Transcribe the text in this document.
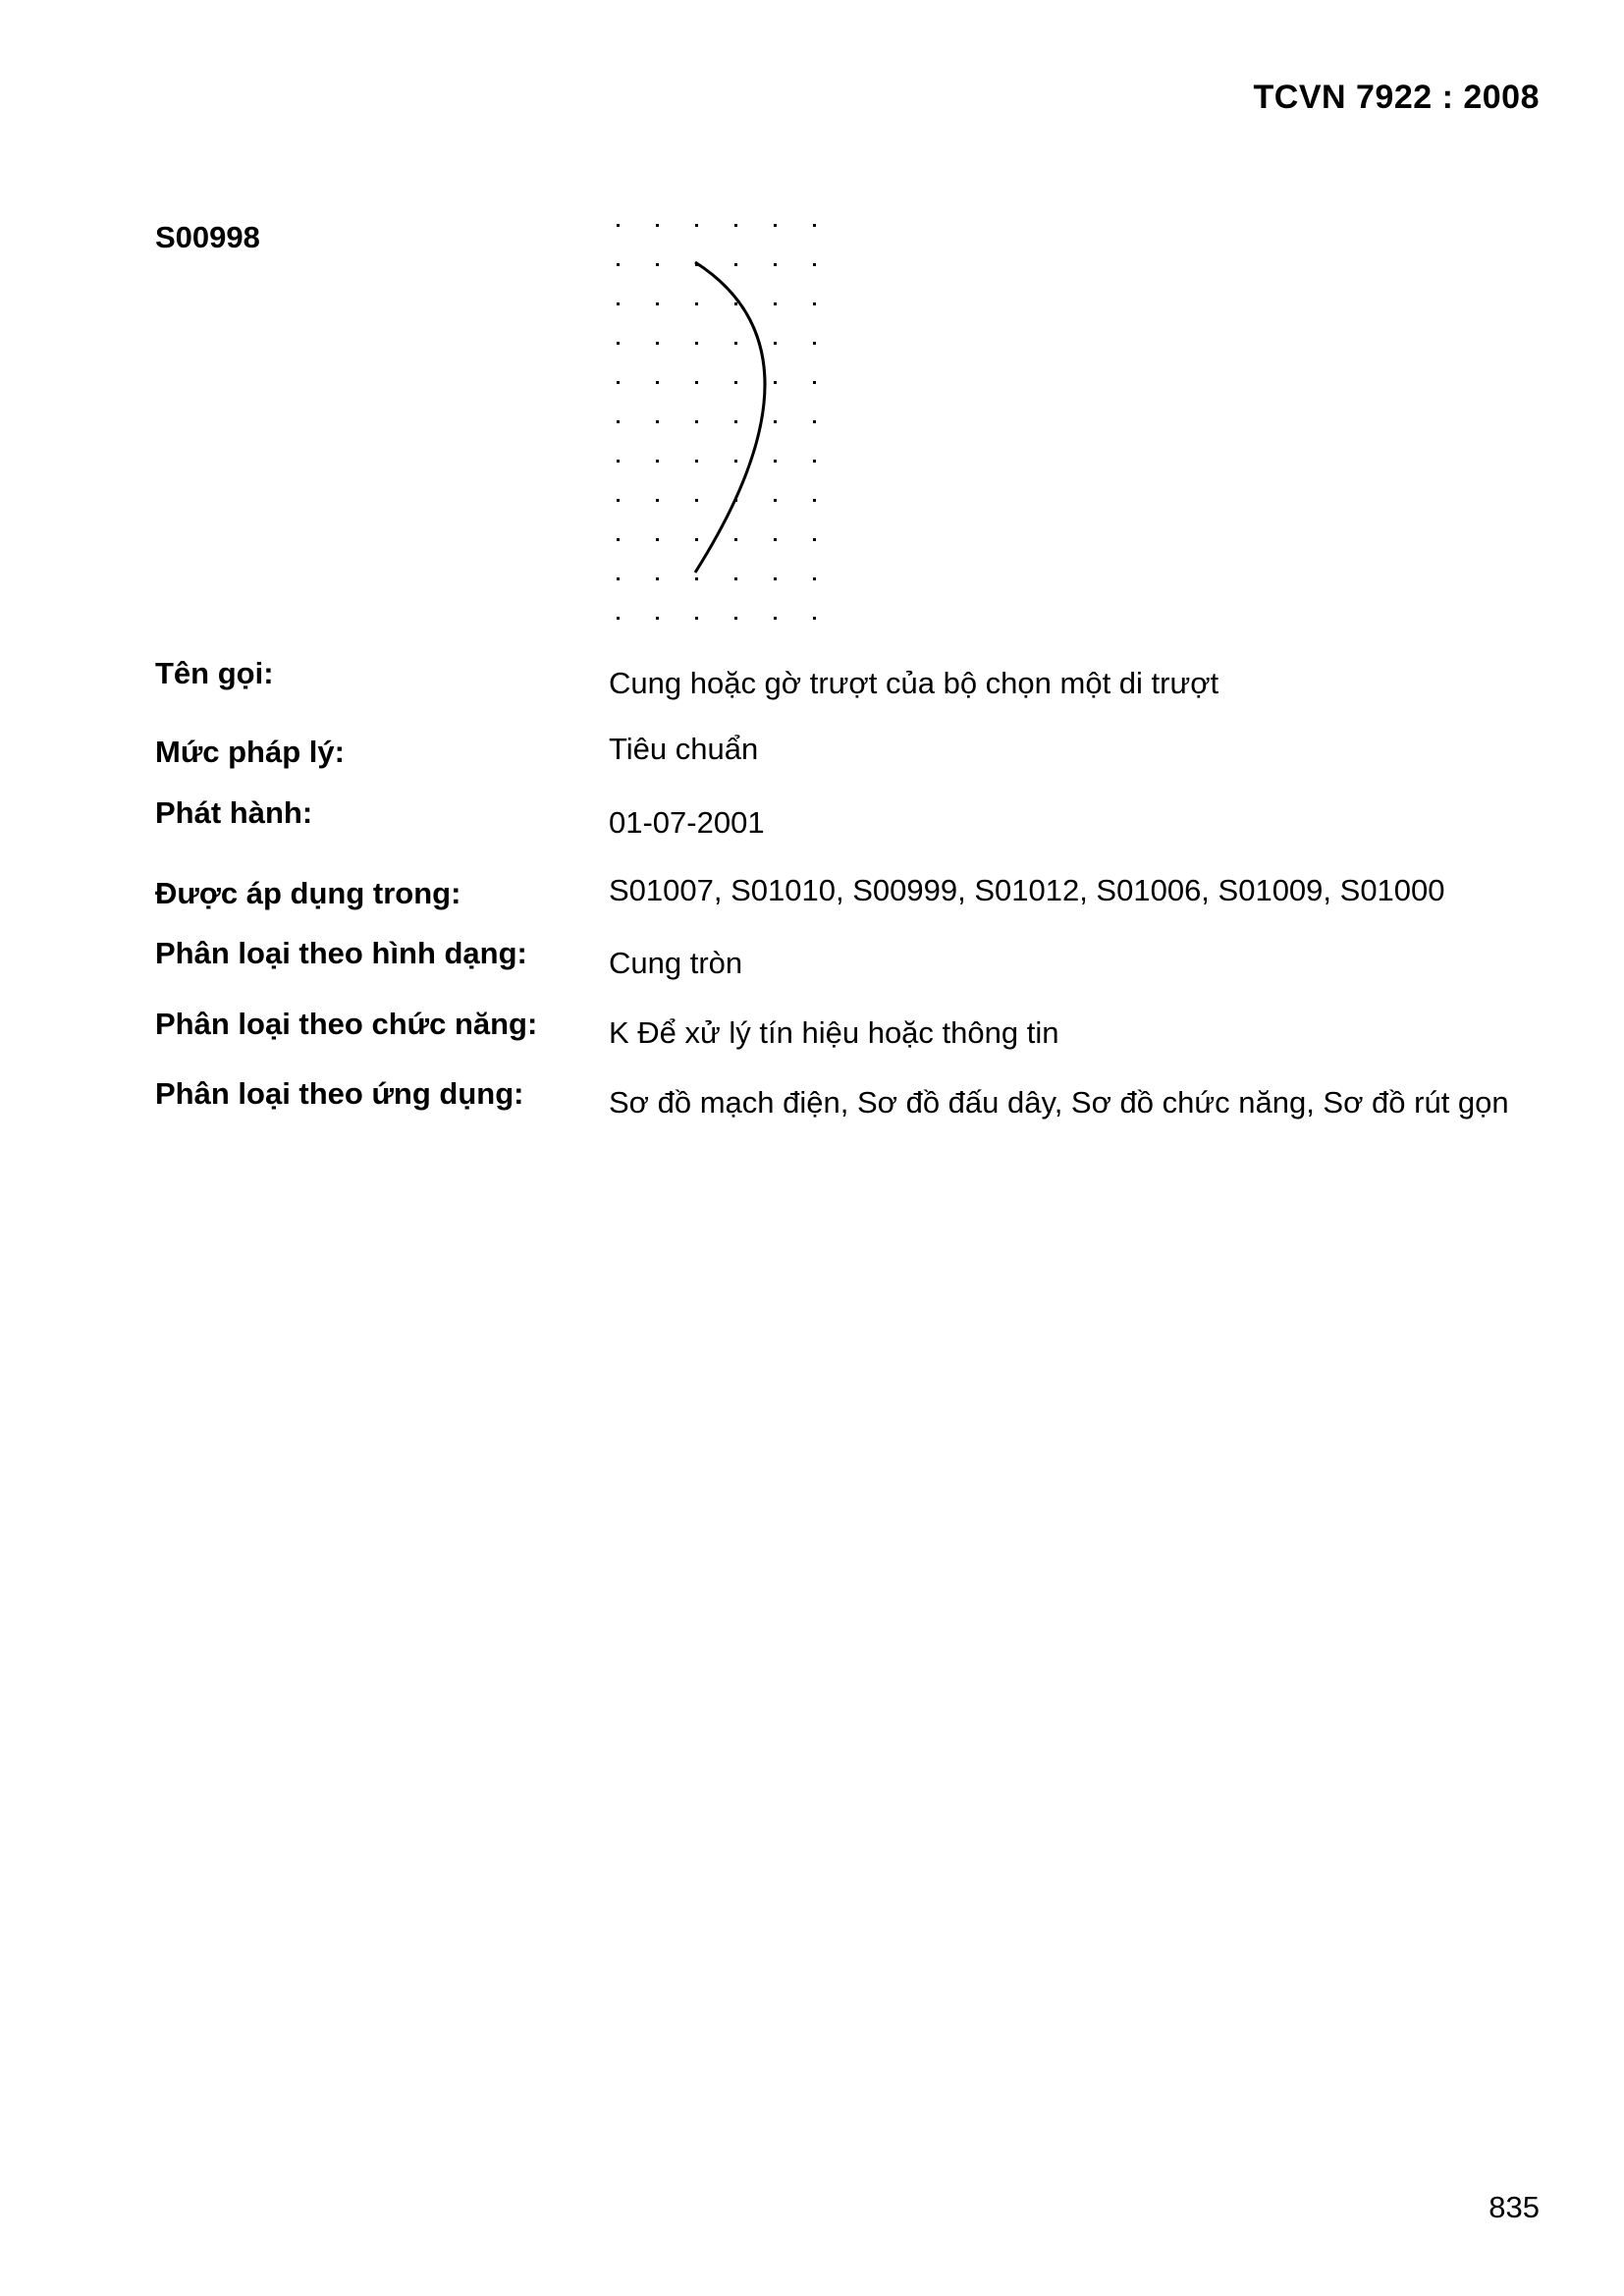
TCVN 7922 : 2008
S00998
Tên gọi:	Cung hoặc gờ trượt của bộ chọn một di trượt
Mức pháp lý:	Tiêu chuẩn
Phát hành:	01-07-2001
Được áp dụng trong:	S01007, S01010, S00999, S01012, S01006, S01009, S01000
Phân loại theo hình dạng:	Cung tròn
Phân loại theo chức năng: K Để xử lý tín hiệu hoặc thông tin
Phân loại theo ứng dụng:	Sơ đồ mạch điện, Sơ đồ đấu dây, Sơ đồ chức năng, Sơ đồ rút gọn
835
